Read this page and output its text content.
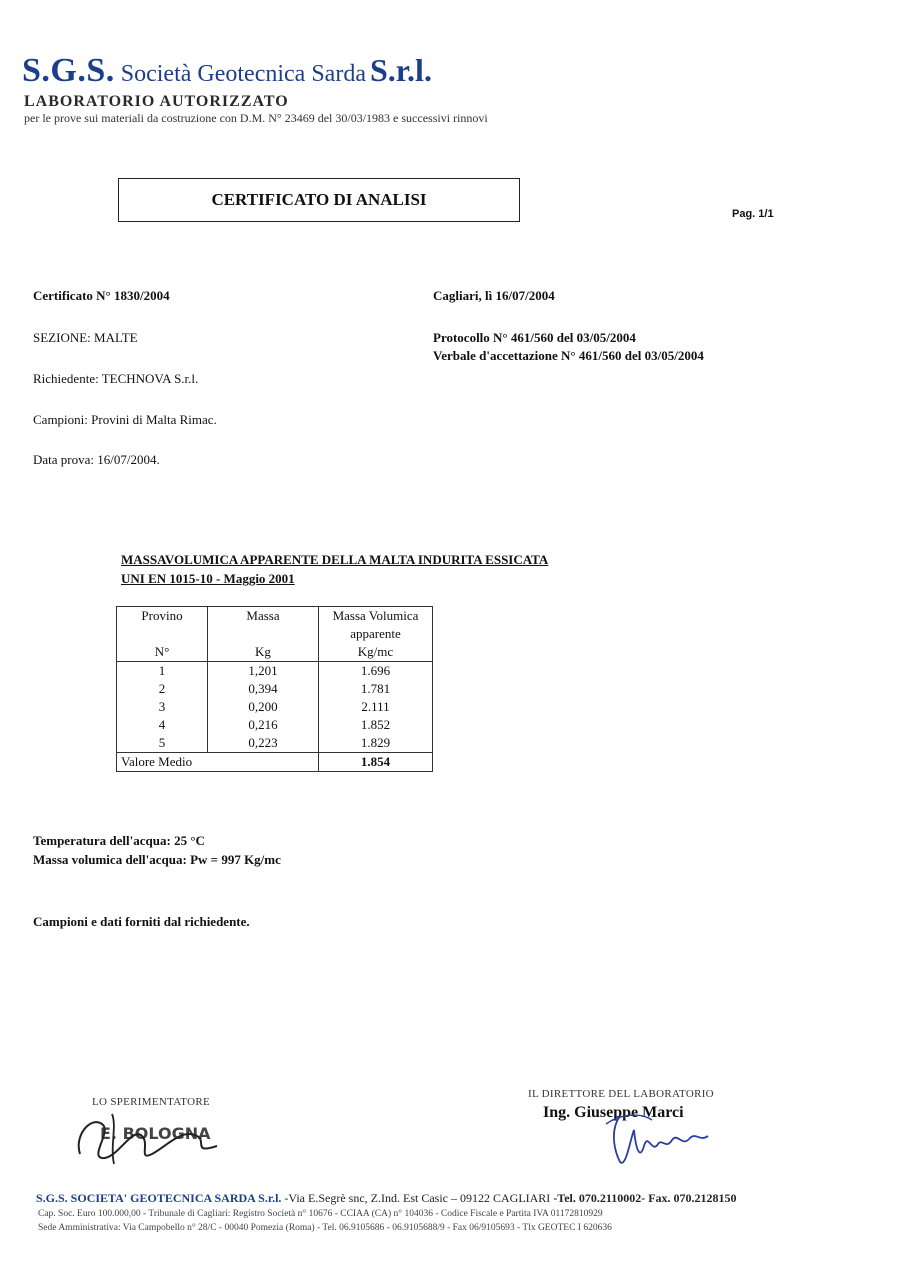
S.G.S. Società Geotecnica Sarda S.r.l.
LABORATORIO AUTORIZZATO
per le prove sui materiali da costruzione con D.M. N° 23469 del 30/03/1983 e successivi rinnovi
CERTIFICATO DI ANALISI
Pag. 1/1
Certificato N° 1830/2004	Cagliari, lì 16/07/2004
SEZIONE: MALTE	Protocollo N° 461/560 del 03/05/2004
Verbale d'accettazione N° 461/560 del 03/05/2004
Richiedente: TECHNOVA S.r.l.
Campioni: Provini di Malta Rimac.
Data prova: 16/07/2004.
MASSAVOLUMICA APPARENTE DELLA MALTA INDURITA ESSICATA
UNI EN 1015-10 - Maggio 2001
Provino	Massa	Massa Volumica
		apparente
N°	Kg	Kg/mc
1	1,201	1.696
2	0,394	1.781
3	0,200	2.111
4	0,216	1.852
5	0,223	1.829
Valore Medio		1.854
Temperatura dell'acqua: 25 °C
Massa volumica dell'acqua: Pw = 997 Kg/mc
Campioni e dati forniti dal richiedente.
LO SPERIMENTATORE
E. BOLOGNA
IL DIRETTORE DEL LABORATORIO
Ing. Giuseppe Marci
S.G.S. SOCIETA' GEOTECNICA SARDA S.r.l. -Via E.Segrè snc, Z.Ind. Est Casic – 09122 CAGLIARI -Tel. 070.2110002- Fax. 070.2128150
Cap. Soc. Euro 100.000,00 - Tribunale di Cagliari: Registro Società n° 10676 - CCIAA (CA) n° 104036 - Codice Fiscale e Partita IVA 01172810929
Sede Amministrativa: Via Campobello n° 28/C - 00040 Pomezia (Roma) - Tel. 06.9105686 - 06.9105688/9 - Fax 06/9105693 - Tlx GEOTEC I 620636
